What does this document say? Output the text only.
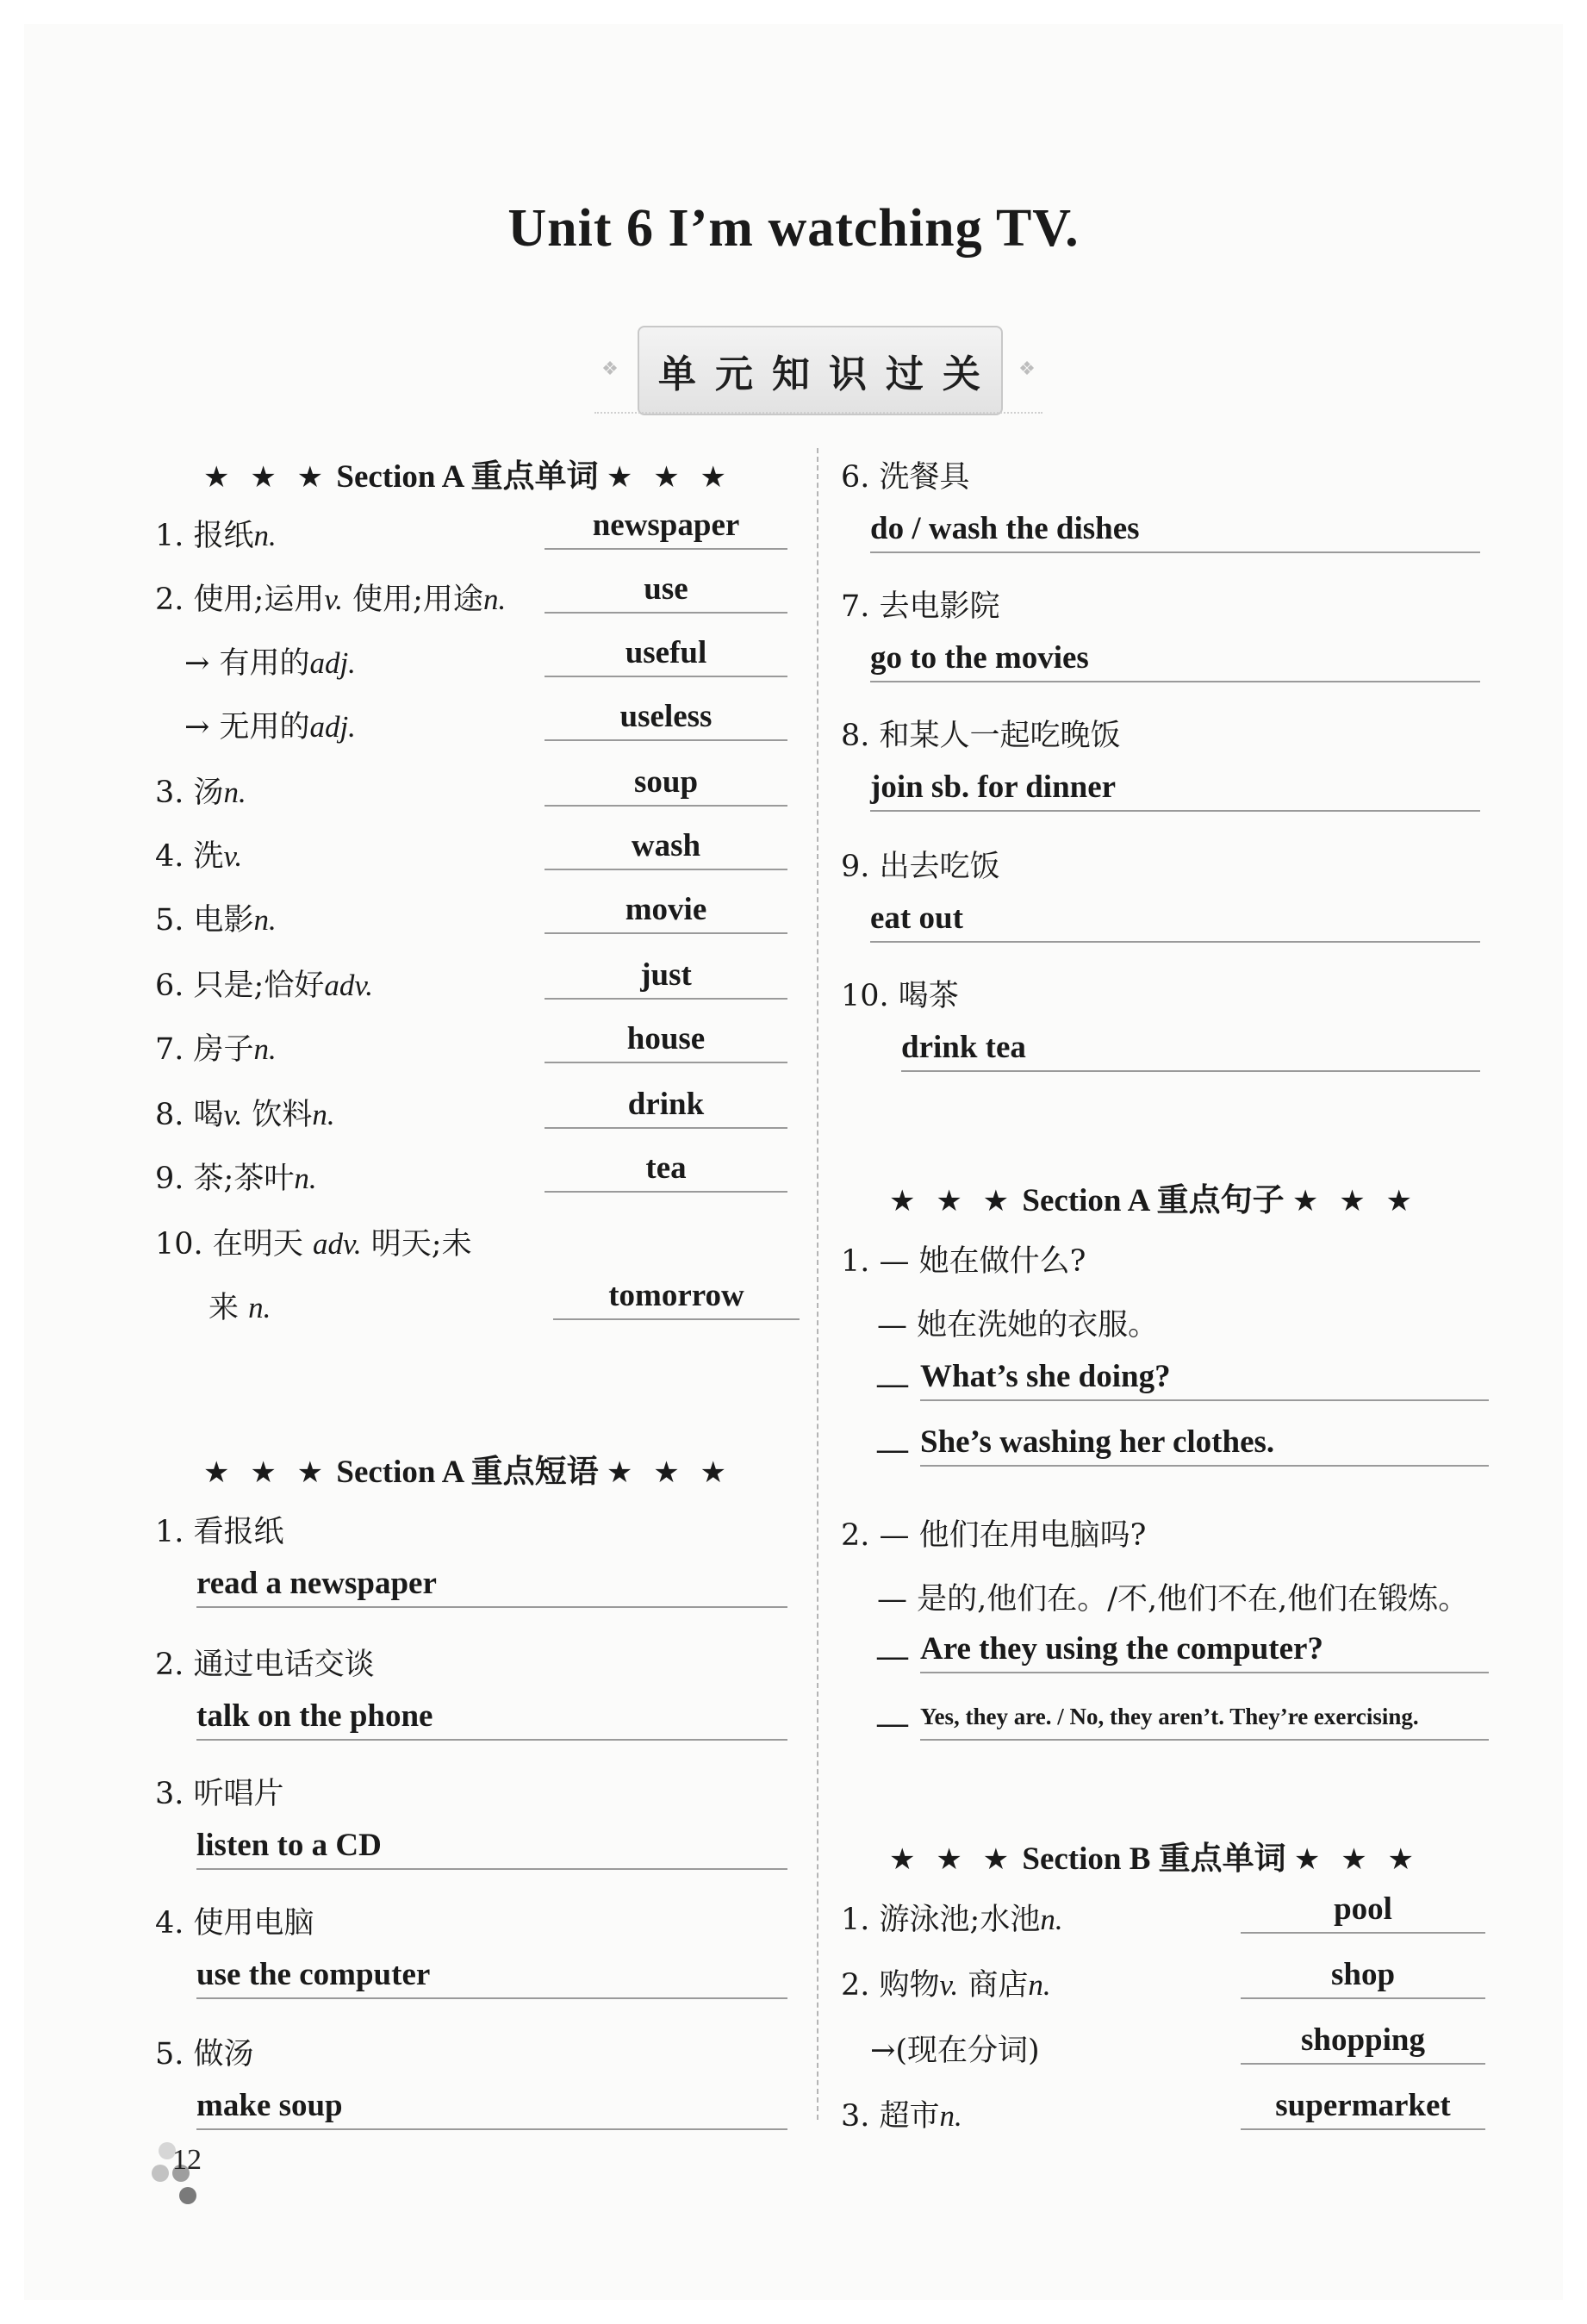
Unit 6 I’m watching TV.
❖ 单元知识过关	❖
★ ★ ★ Section A 重点单词 ★ ★ ★
1. 报纸n.	newspaper
2. 使用;运用v. 使用;用途n.	use
→ 有用的adj.	useful
→ 无用的adj.	useless
3. 汤n.	soup
4. 洗v.	wash
5. 电影n.	movie
6. 只是;恰好adv.	just
7. 房子n.	house
8. 喝v. 饮料n.	drink
9. 茶;茶叶n.	tea
10. 在明天 adv. 明天;未
来 n.	tomorrow
★ ★ ★ Section A 重点短语 ★ ★ ★
1. 看报纸
read a newspaper
2. 通过电话交谈
talk on the phone
3. 听唱片
listen to a CD
4. 使用电脑
use the computer
5. 做汤
make soup
6. 洗餐具
do / wash the dishes
7. 去电影院
go to the movies
8. 和某人一起吃晚饭
join sb. for dinner
9. 出去吃饭
eat out
10. 喝茶
drink tea
★ ★ ★ Section A 重点句子 ★ ★ ★
1. — 她在做什么?
— 她在洗她的衣服。
— What’s she doing?
— She’s washing her clothes.
2. — 他们在用电脑吗?
— 是的,他们在。/不,他们不在,他们在锻炼。
— Are they using the computer?
— Yes, they are. / No, they aren’t. They’re exercising.
★ ★ ★ Section B 重点单词 ★ ★ ★
1. 游泳池;水池n.	pool
2. 购物v. 商店n.	shop
→(现在分词)	shopping
3. 超市n.	supermarket
12
